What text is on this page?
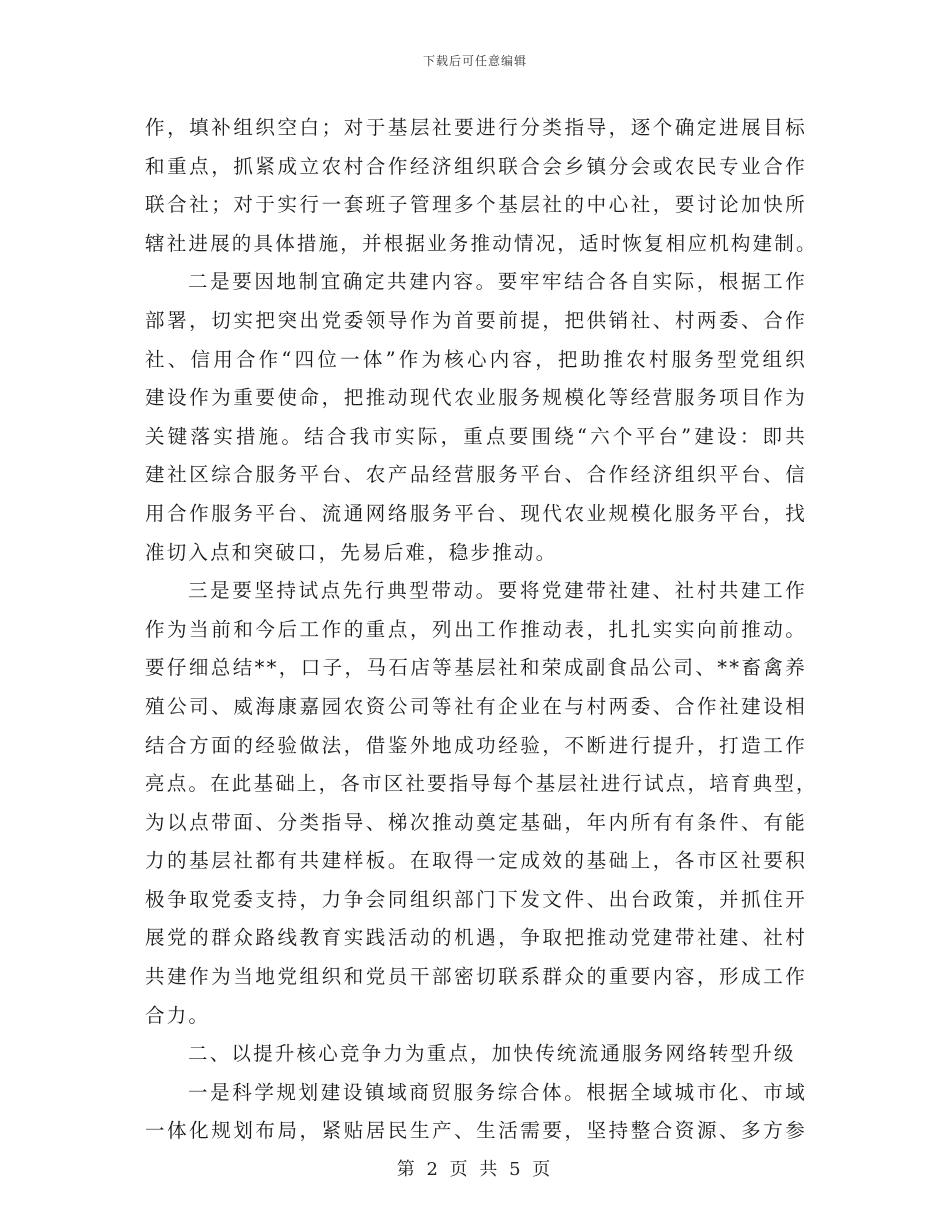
下载后可任意编辑
作，填补组织空白；对于基层社要进行分类指导，逐个确定进展目标
和重点，抓紧成立农村合作经济组织联合会乡镇分会或农民专业合作
联合社；对于实行一套班子管理多个基层社的中心社，要讨论加快所
辖社进展的具体措施，并根据业务推动情况，适时恢复相应机构建制。
二是要因地制宜确定共建内容。要牢牢结合各自实际，根据工作
部署，切实把突出党委领导作为首要前提，把供销社、村两委、合作
社、信用合作“四位一体”作为核心内容，把助推农村服务型党组织
建设作为重要使命，把推动现代农业服务规模化等经营服务项目作为
关键落实措施。结合我市实际，重点要围绕“六个平台”建设：即共
建社区综合服务平台、农产品经营服务平台、合作经济组织平台、信
用合作服务平台、流通网络服务平台、现代农业规模化服务平台，找
准切入点和突破口，先易后难，稳步推动。
三是要坚持试点先行典型带动。要将党建带社建、社村共建工作
作为当前和今后工作的重点，列出工作推动表，扎扎实实向前推动。
要仔细总结**，口子，马石店等基层社和荣成副食品公司、**畜禽养
殖公司、威海康嘉园农资公司等社有企业在与村两委、合作社建设相
结合方面的经验做法，借鉴外地成功经验，不断进行提升，打造工作
亮点。在此基础上，各市区社要指导每个基层社进行试点，培育典型，
为以点带面、分类指导、梯次推动奠定基础，年内所有有条件、有能
力的基层社都有共建样板。在取得一定成效的基础上，各市区社要积
极争取党委支持，力争会同组织部门下发文件、出台政策，并抓住开
展党的群众路线教育实践活动的机遇，争取把推动党建带社建、社村
共建作为当地党组织和党员干部密切联系群众的重要内容，形成工作
合力。
二、以提升核心竞争力为重点，加快传统流通服务网络转型升级
一是科学规划建设镇域商贸服务综合体。根据全域城市化、市域
一体化规划布局，紧贴居民生产、生活需要，坚持整合资源、多方参
第 2 页 共 5 页
